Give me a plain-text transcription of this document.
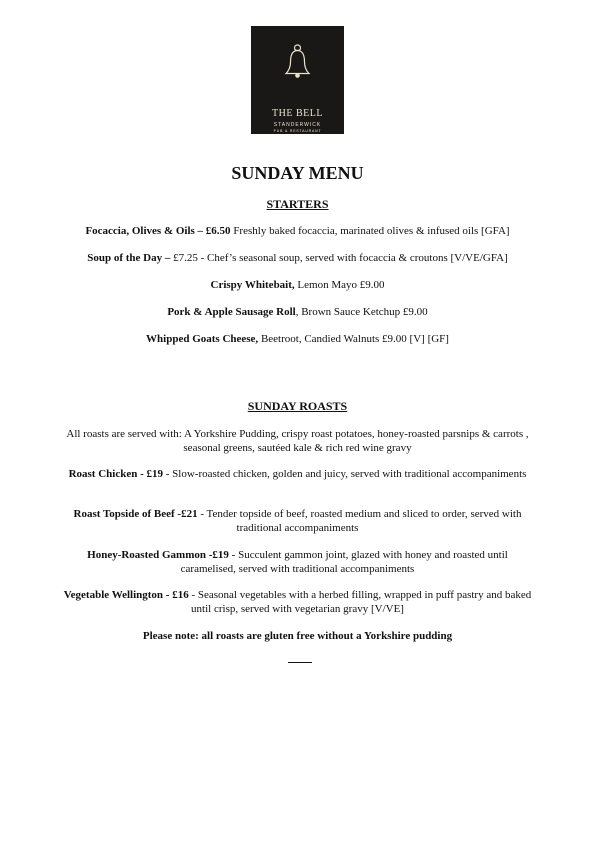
THE BELL
STANDERWICK
PUB & RESTAURANT
SUNDAY MENU
STARTERS
Focaccia, Olives & Oils – £6.50 Freshly baked focaccia, marinated olives & infused oils [GFA]
Soup of the Day – £7.25 - Chef’s seasonal soup, served with focaccia & croutons [V/VE/GFA]
Crispy Whitebait, Lemon Mayo £9.00
Pork & Apple Sausage Roll, Brown Sauce Ketchup £9.00
Whipped Goats Cheese, Beetroot, Candied Walnuts £9.00 [V] [GF]
SUNDAY ROASTS
All roasts are served with: A Yorkshire Pudding, crispy roast potatoes, honey-roasted parsnips & carrots , seasonal greens, sautéed kale & rich red wine gravy
Roast Chicken - £19 - Slow-roasted chicken, golden and juicy, served with traditional accompaniments
Roast Topside of Beef -£21 - Tender topside of beef, roasted medium and sliced to order, served with traditional accompaniments
Honey-Roasted Gammon -£19 - Succulent gammon joint, glazed with honey and roasted until caramelised, served with traditional accompaniments
Vegetable Wellington - £16 - Seasonal vegetables with a herbed filling, wrapped in puff pastry and baked until crisp, served with vegetarian gravy [V/VE]
Please note: all roasts are gluten free without a Yorkshire pudding
